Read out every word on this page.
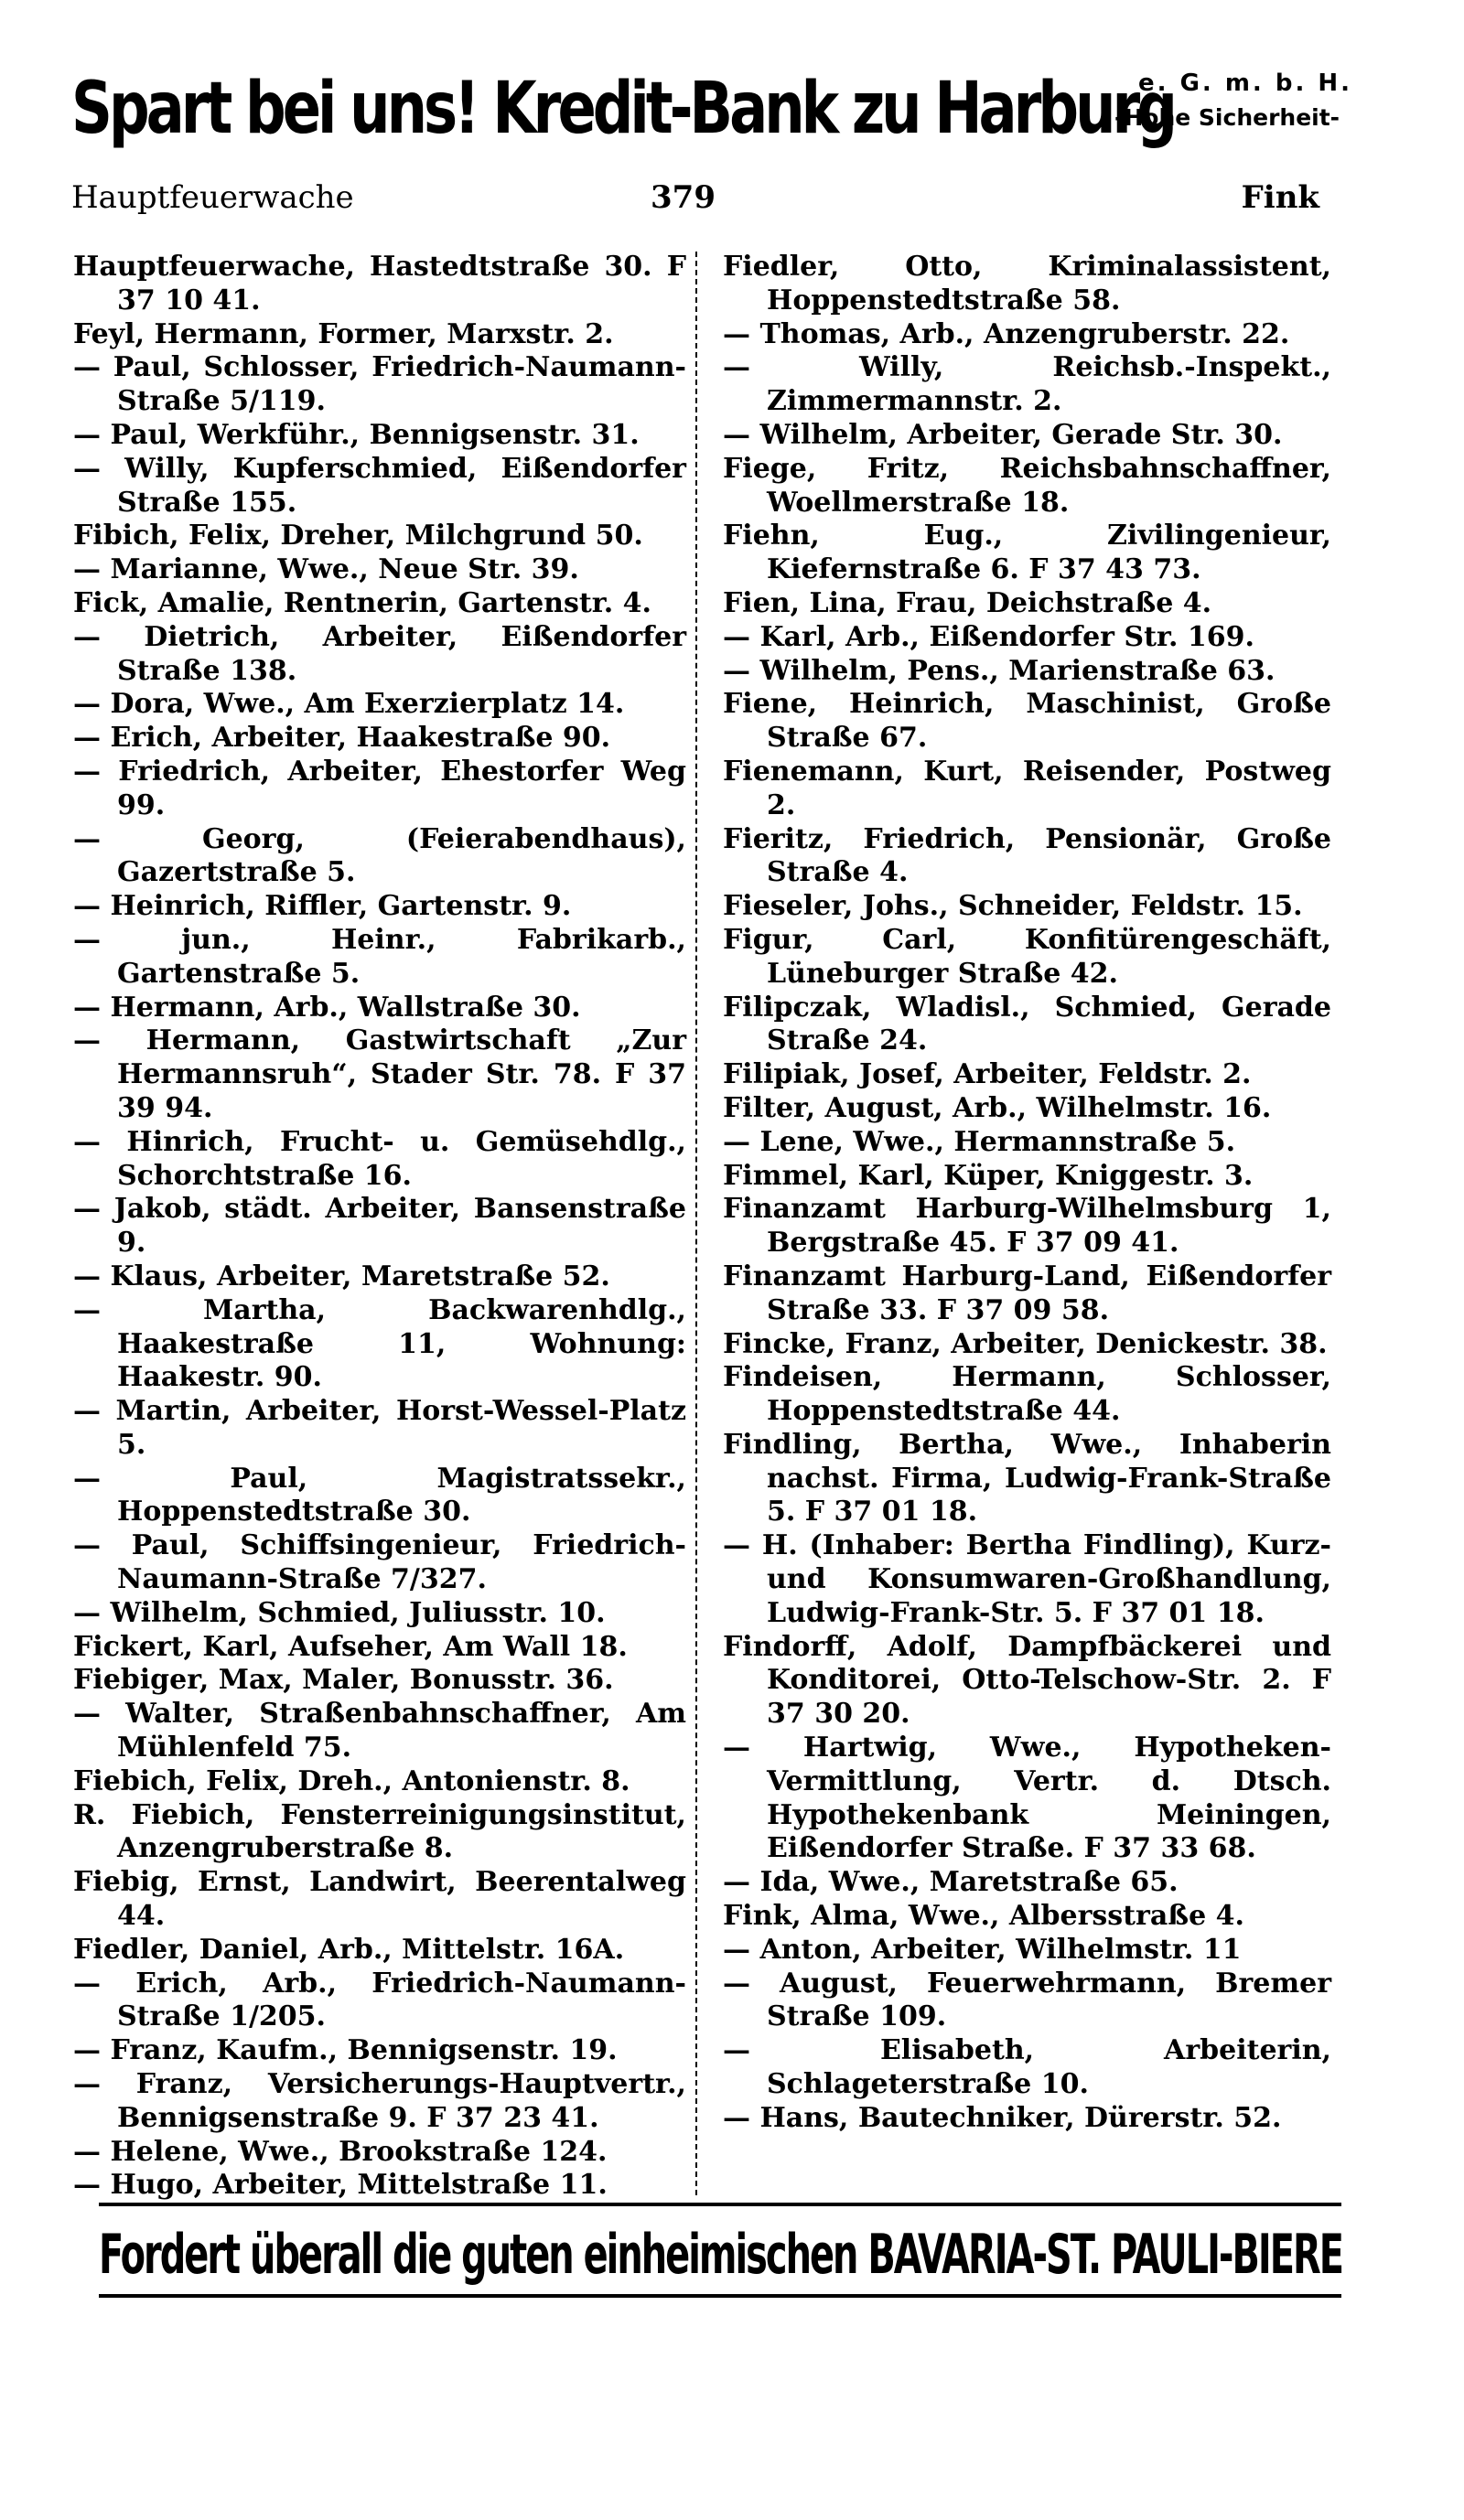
Spart bei uns! Kredit-Bank zu Harburg
e. G. m. b. H.
-Hohe Sicherheit-
Hauptfeuerwache	379	Fink

Hauptfeuerwache, Hastedtstraße 30. F 37 10 41.

Feyl, Hermann, Former, Marxstr. 2.

— Paul, Schlosser, Friedrich-Naumann-Straße 5/119.

— Paul, Werkführ., Bennigsenstr. 31.

— Willy, Kupferschmied, Eißendorfer Straße 155.

Fibich, Felix, Dreher, Milchgrund 50.

— Marianne, Wwe., Neue Str. 39.

Fick, Amalie, Rentnerin, Gartenstr. 4.

— Dietrich, Arbeiter, Eißendorfer Straße 138.

— Dora, Wwe., Am Exerzierplatz 14.

— Erich, Arbeiter, Haakestraße 90.

— Friedrich, Arbeiter, Ehestorfer Weg 99.

— Georg, (Feierabendhaus), Gazertstraße 5.

— Heinrich, Riffler, Gartenstr. 9.

— jun., Heinr., Fabrikarb., Gartenstraße 5.

— Hermann, Arb., Wallstraße 30.

— Hermann, Gastwirtschaft „Zur Hermannsruh“, Stader Str. 78. F 37 39 94.

— Hinrich, Frucht- u. Gemüsehdlg., Schorchtstraße 16.

— Jakob, städt. Arbeiter, Bansenstraße 9.

— Klaus, Arbeiter, Maretstraße 52.

— Martha, Backwarenhdlg., Haakestraße 11, Wohnung: Haakestr. 90.

— Martin, Arbeiter, Horst-Wessel-Platz 5.

— Paul, Magistratssekr., Hoppenstedtstraße 30.

— Paul, Schiffsingenieur, Friedrich-Naumann-Straße 7/327.

— Wilhelm, Schmied, Juliusstr. 10.

Fickert, Karl, Aufseher, Am Wall 18.

Fiebiger, Max, Maler, Bonusstr. 36.

— Walter, Straßenbahnschaffner, Am Mühlenfeld 75.

Fiebich, Felix, Dreh., Antonienstr. 8.

R. Fiebich, Fensterreinigungsinstitut, Anzengruberstraße 8.

Fiebig, Ernst, Landwirt, Beerentalweg 44.

Fiedler, Daniel, Arb., Mittelstr. 16A.

— Erich, Arb., Friedrich-Naumann-Straße 1/205.

— Franz, Kaufm., Bennigsenstr. 19.

— Franz, Versicherungs-Hauptvertr., Bennigsenstraße 9. F 37 23 41.

— Helene, Wwe., Brookstraße 124.

— Hugo, Arbeiter, Mittelstraße 11.

Fiedler, Otto, Kriminalassistent, Hoppenstedtstraße 58.

— Thomas, Arb., Anzengruberstr. 22.

— Willy, Reichsb.-Inspekt., Zimmermannstr. 2.

— Wilhelm, Arbeiter, Gerade Str. 30.

Fiege, Fritz, Reichsbahnschaffner, Woellmerstraße 18.

Fiehn, Eug., Zivilingenieur, Kiefernstraße 6. F 37 43 73.

Fien, Lina, Frau, Deichstraße 4.

— Karl, Arb., Eißendorfer Str. 169.

— Wilhelm, Pens., Marienstraße 63.

Fiene, Heinrich, Maschinist, Große Straße 67.

Fienemann, Kurt, Reisender, Postweg 2.

Fieritz, Friedrich, Pensionär, Große Straße 4.

Fieseler, Johs., Schneider, Feldstr. 15.

Figur, Carl, Konfitürengeschäft, Lüneburger Straße 42.

Filipczak, Wladisl., Schmied, Gerade Straße 24.

Filipiak, Josef, Arbeiter, Feldstr. 2.

Filter, August, Arb., Wilhelmstr. 16.

— Lene, Wwe., Hermannstraße 5.

Fimmel, Karl, Küper, Kniggestr. 3.

Finanzamt Harburg-Wilhelmsburg 1, Bergstraße 45. F 37 09 41.

Finanzamt Harburg-Land, Eißendorfer Straße 33. F 37 09 58.

Fincke, Franz, Arbeiter, Denickestr. 38.

Findeisen, Hermann, Schlosser, Hoppenstedtstraße 44.

Findling, Bertha, Wwe., Inhaberin nachst. Firma, Ludwig-Frank-Straße 5. F 37 01 18.

— H. (Inhaber: Bertha Findling), Kurz- und Konsumwaren-Großhandlung, Ludwig-Frank-Str. 5. F 37 01 18.

Findorff, Adolf, Dampfbäckerei und Konditorei, Otto-Telschow-Str. 2. F 37 30 20.

— Hartwig, Wwe., Hypotheken-Vermittlung, Vertr. d. Dtsch. Hypothekenbank Meiningen, Eißendorfer Straße. F 37 33 68.

— Ida, Wwe., Maretstraße 65.

Fink, Alma, Wwe., Albersstraße 4.

— Anton, Arbeiter, Wilhelmstr. 11

— August, Feuerwehrmann, Bremer Straße 109.

— Elisabeth, Arbeiterin, Schlageterstraße 10.

— Hans, Bautechniker, Dürerstr. 52.

Fordert überall die guten einheimischen BAVARIA-ST. PAULI-BIERE
